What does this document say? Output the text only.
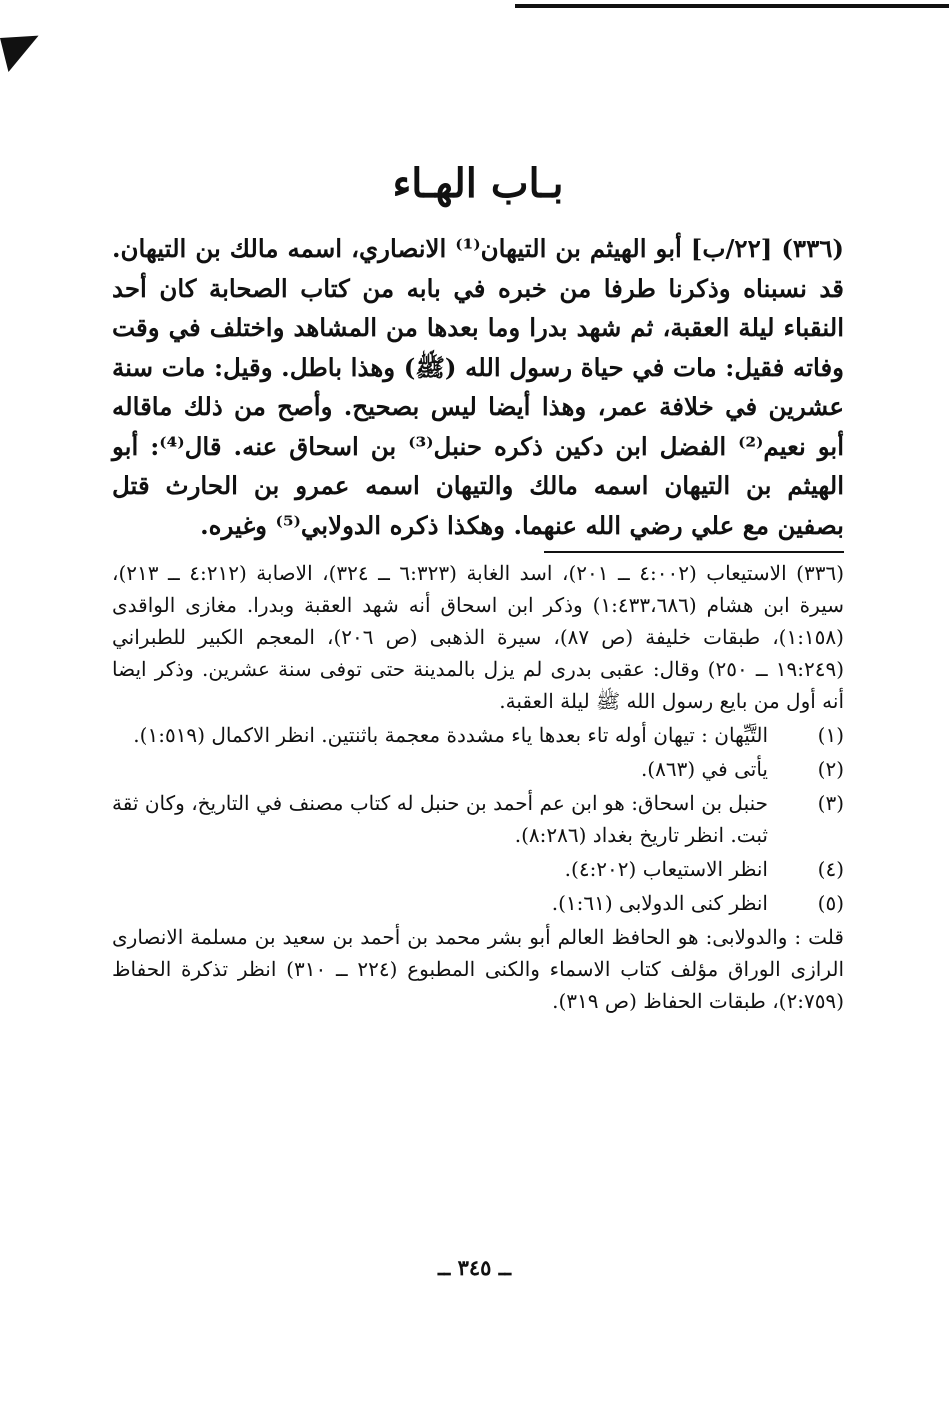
بـاب الهـاء

(٣٣٦) [٢٢/ب] أبو الهيثم بن التيهان⁽¹⁾ الانصاري، اسمه مالك بن التيهان. قد نسبناه وذكرنا طرفا من خبره في بابه من كتاب الصحابة كان أحد النقباء ليلة العقبة، ثم شهد بدرا وما بعدها من المشاهد واختلف في وقت وفاته فقيل: مات في حياة رسول الله (ﷺ) وهذا باطل. وقيل: مات سنة عشرين في خلافة عمر، وهذا أيضا ليس بصحيح. وأصح من ذلك ماقاله أبو نعيم⁽²⁾ الفضل ابن دكين ذكره حنبل⁽³⁾ بن اسحاق عنه. قال⁽⁴⁾: أبو الهيثم بن التيهان اسمه مالك والتيهان اسمه عمرو بن الحارث قتل بصفين مع علي رضي الله عنهما. وهكذا ذكره الدولابي⁽⁵⁾ وغيره.

(٣٣٦) الاستيعاب (٤:٠٠٢ ــ ٢٠١)، اسد الغابة (٦:٣٢٣ ــ ٣٢٤)، الاصابة (٤:٢١٢ ــ ٢١٣)، سيرة ابن هشام (١:٤٣٣،٦٨٦) وذكر ابن اسحاق أنه شهد العقبة وبدرا. مغازى الواقدى (١:١٥٨)، طبقات خليفة (ص ٨٧)، سيرة الذهبى (ص ٢٠٦)، المعجم الكبير للطبراني (١٩:٢٤٩ ــ ٢٥٠) وقال: عقبى بدرى لم يزل بالمدينة حتى توفى سنة عشرين. وذكر ايضا أنه أول من بايع رسول الله ﷺ ليلة العقبة.

(١)
التَّيِّهان : تيهان أوله تاء بعدها ياء مشددة معجمة باثنتين. انظر الاكمال (١:٥١٩).
(٢)
يأتى في (٨٦٣).
(٣)
حنبل بن اسحاق: هو ابن عم أحمد بن حنبل له كتاب مصنف في التاريخ، وكان ثقة ثبت. انظر تاريخ بغداد (٨:٢٨٦).
(٤)
انظر الاستيعاب (٤:٢٠٢).
(٥)
انظر كنى الدولابى (١:٦١).

قلت : والدولابى: هو الحافظ العالم أبو بشر محمد بن أحمد بن سعيد بن مسلمة الانصارى الرازى الوراق مؤلف كتاب الاسماء والكنى المطبوع (٢٢٤ ــ ٣١٠) انظر تذكرة الحفاظ (٢:٧٥٩)، طبقات الحفاظ (ص ٣١٩).

ــ ٣٤٥ ــ
